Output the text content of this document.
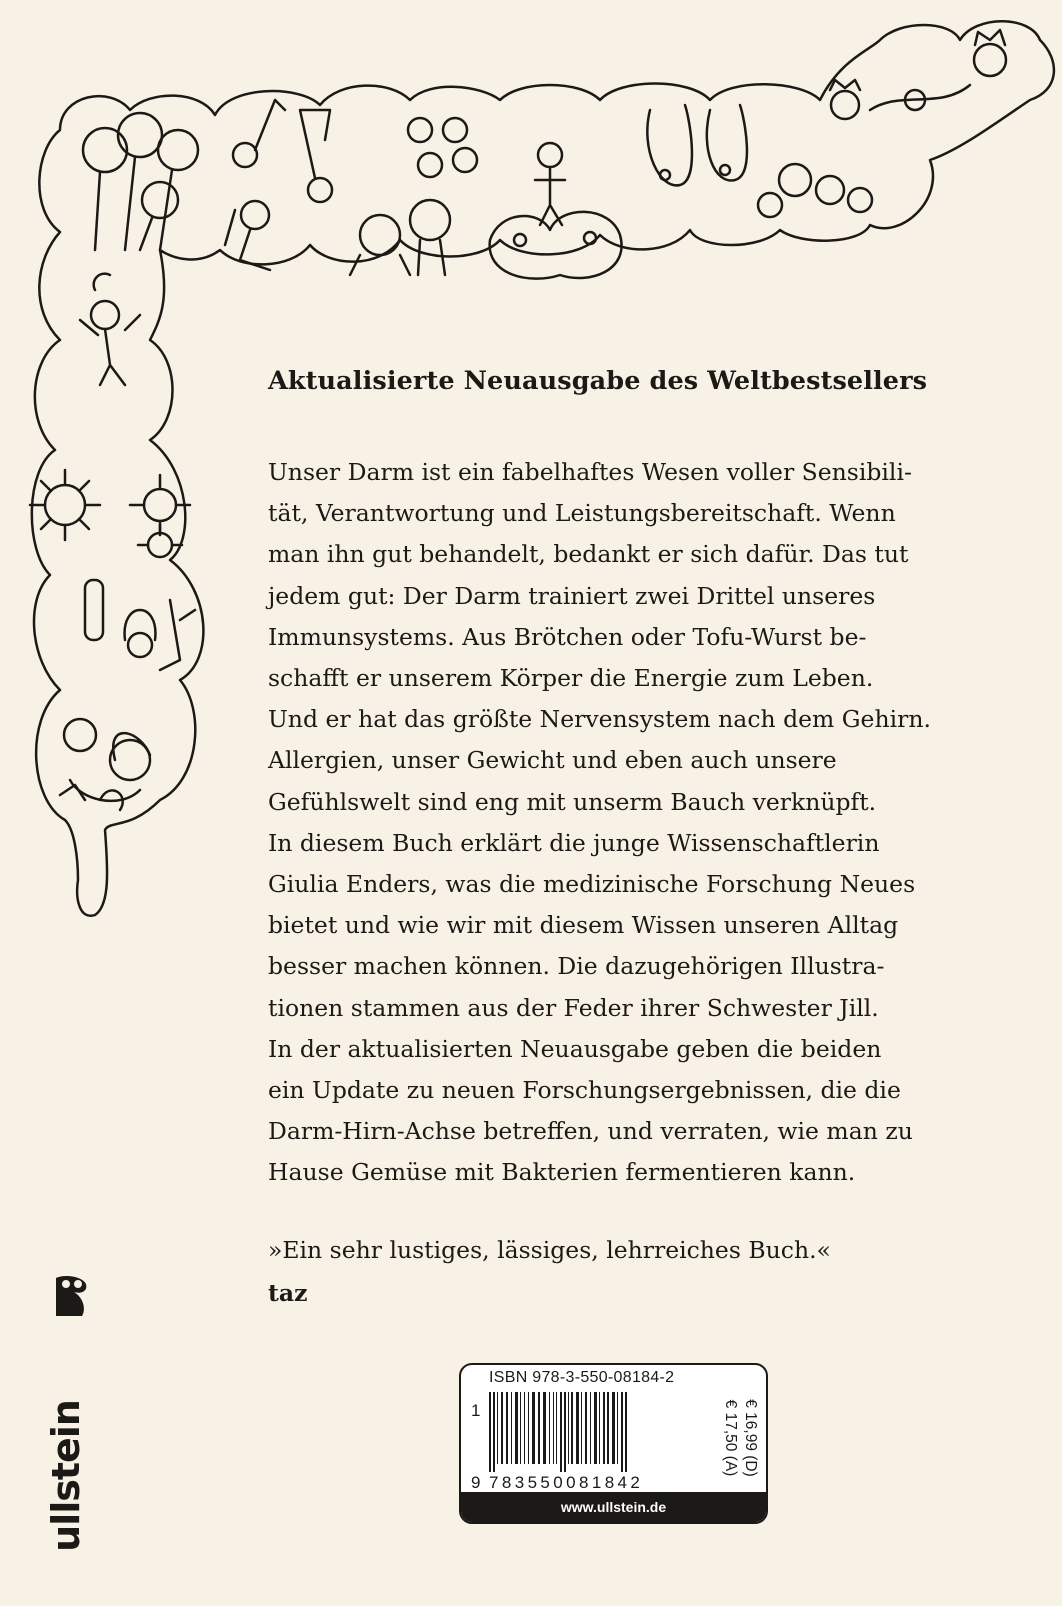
Aktualisierte Neuausgabe des Weltbestsellers

Unser Darm ist ein fabelhaftes Wesen voller Sensibili-
tät, Verantwortung und Leistungsbereitschaft. Wenn
man ihn gut behandelt, bedankt er sich dafür. Das tut
jedem gut: Der Darm trainiert zwei Drittel unseres
Immunsystems. Aus Brötchen oder Tofu-Wurst be-
schafft er unserem Körper die Energie zum Leben.
Und er hat das größte Nervensystem nach dem Gehirn.
Allergien, unser Gewicht und eben auch unsere
Gefühlswelt sind eng mit unserm Bauch verknüpft.
In diesem Buch erklärt die junge Wissenschaftlerin
Giulia Enders, was die medizinische Forschung Neues
bietet und wie wir mit diesem Wissen unseren Alltag
besser machen können. Die dazugehörigen Illustra-
tionen stammen aus der Feder ihrer Schwester Jill.
In der aktualisierten Neuausgabe geben die beiden
ein Update zu neuen Forschungsergebnissen, die die
Darm-Hirn-Achse betreffen, und verraten, wie man zu
Hause Gemüse mit Bakterien fermentieren kann.

»Ein sehr lustiges, lässiges, lehrreiches Buch.«
taz
ullstein
ISBN 978-3-550-08184-2
1
9 783550081842
€ 17,50 (A) € 16,99 (D)
www.ullstein.de
